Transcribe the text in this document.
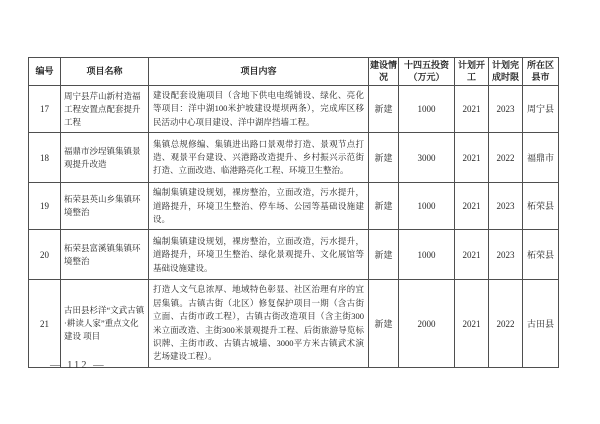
编号	项目名称	项目内容	建设情况	十四五投资（万元）	计划开工	计划完成时限	所在区县市
17	周宁县芹山新村造福工程安置点配套提升工程	建设配套设施项目（含地下供电电缆铺设、绿化、亮化等项目：洋中湖100米护坡建设堤坝两条），完成库区移民活动中心项目建设、洋中湖岸挡墙工程。	新建	1000	2021	2023	周宁县
18	福鼎市沙埕镇集镇景观提升改造	集镇总规修编、集镇进出路口景观带打造、景观节点打造、观景平台建设、兴港路改造提升、乡村振兴示范街打造、立面改造、临港路亮化工程、环境卫生整治。	新建	3000	2021	2022	福鼎市
19	柘荣县英山乡集镇环境整治	编制集镇建设规划，裸房整治，立面改造，污水提升，道路提升，环境卫生整治、停车场、公园等基础设施建设。	新建	1000	2021	2023	柘荣县
20	柘荣县富溪镇集镇环境整治	编制集镇建设规划，裸房整治，立面改造，污水提升，道路提升，环境卫生整治、绿化景观提升、文化展馆等基础设施建设。	新建	1000	2021	2023	柘荣县
21	古田县杉洋“文武古镇·耕读人家”重点文化建设 项目	打造人文气息浓厚、地域特色彰显、社区治理有序的宜居集镇。古镇古街（北区）修复保护项目一期（含古街立面、古街市政工程），古镇古街改造项目（含主街300米立面改造、主街300米景观提升工程、后街旅游导览标识牌、主街市政、古镇古城墙、3000平方米古镇武术演艺场建设工程）。	新建	2000	2021	2022	古田县
— 112 —
